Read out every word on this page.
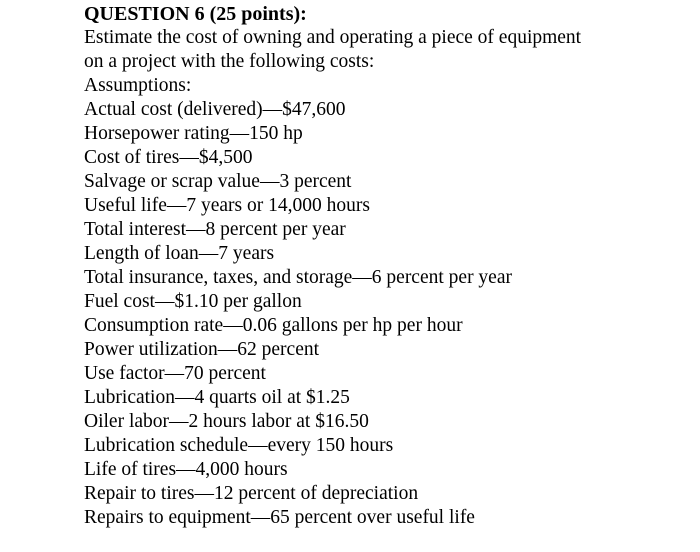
QUESTION 6 (25 points):
Estimate the cost of owning and operating a piece of equipment
on a project with the following costs:
Assumptions:
Actual cost (delivered)—$47,600
Horsepower rating—150 hp
Cost of tires—$4,500
Salvage or scrap value—3 percent
Useful life—7 years or 14,000 hours
Total interest—8 percent per year
Length of loan—7 years
Total insurance, taxes, and storage—6 percent per year
Fuel cost—$1.10 per gallon
Consumption rate—0.06 gallons per hp per hour
Power utilization—62 percent
Use factor—70 percent
Lubrication—4 quarts oil at $1.25
Oiler labor—2 hours labor at $16.50
Lubrication schedule—every 150 hours
Life of tires—4,000 hours
Repair to tires—12 percent of depreciation
Repairs to equipment—65 percent over useful life
